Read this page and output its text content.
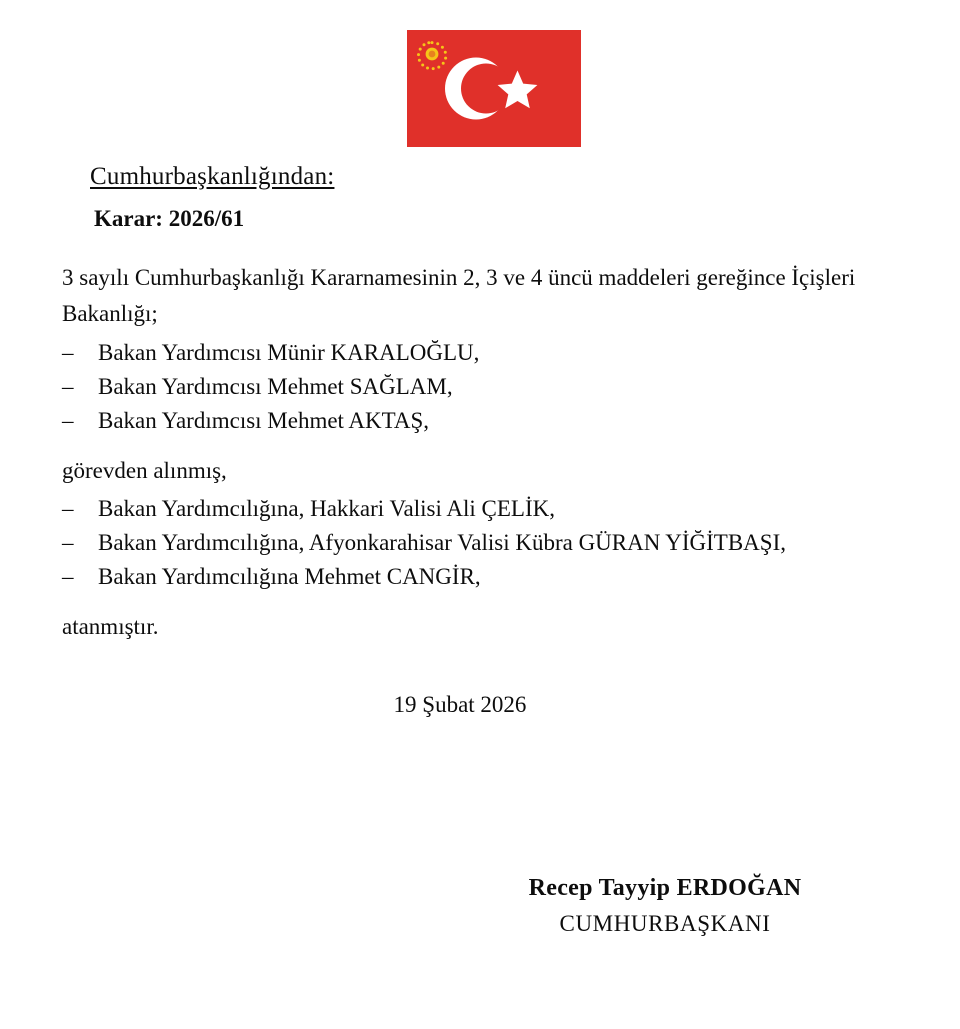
Cumhurbaşkanlığından:
Karar: 2026/61
3 sayılı Cumhurbaşkanlığı Kararnamesinin 2, 3 ve 4 üncü maddeleri gereğince İçişleri
Bakanlığı;
–	Bakan Yardımcısı Münir KARALOĞLU,
–	Bakan Yardımcısı Mehmet SAĞLAM,
–	Bakan Yardımcısı Mehmet AKTAŞ,
görevden alınmış,
–	Bakan Yardımcılığına, Hakkari Valisi Ali ÇELİK,
–	Bakan Yardımcılığına, Afyonkarahisar Valisi Kübra GÜRAN YİĞİTBAŞI,
–	Bakan Yardımcılığına Mehmet CANGİR,
atanmıştır.
19 Şubat 2026
Recep Tayyip ERDOĞAN
CUMHURBAŞKANI
